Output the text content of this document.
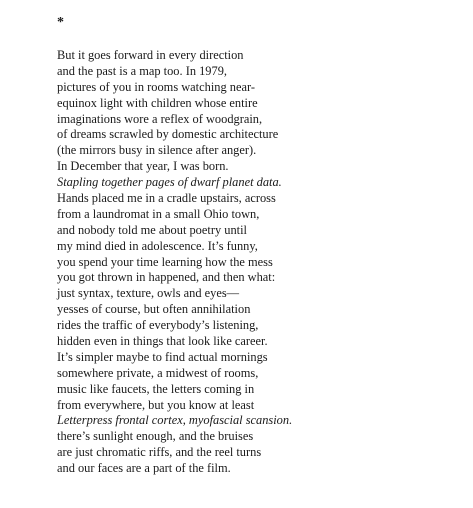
*
But it goes forward in every direction
and the past is a map too. In 1979,
pictures of you in rooms watching near-
equinox light with children whose entire
imaginations wore a reflex of woodgrain,
of dreams scrawled by domestic architecture
(the mirrors busy in silence after anger).
In December that year, I was born.
Stapling together pages of dwarf planet data.
Hands placed me in a cradle upstairs, across
from a laundromat in a small Ohio town,
and nobody told me about poetry until
my mind died in adolescence. It’s funny,
you spend your time learning how the mess
you got thrown in happened, and then what:
just syntax, texture, owls and eyes—
yesses of course, but often annihilation
rides the traffic of everybody’s listening,
hidden even in things that look like career.
It’s simpler maybe to find actual mornings
somewhere private, a midwest of rooms,
music like faucets, the letters coming in
from everywhere, but you know at least
Letterpress frontal cortex, myofascial scansion.
there’s sunlight enough, and the bruises
are just chromatic riffs, and the reel turns
and our faces are a part of the film.
